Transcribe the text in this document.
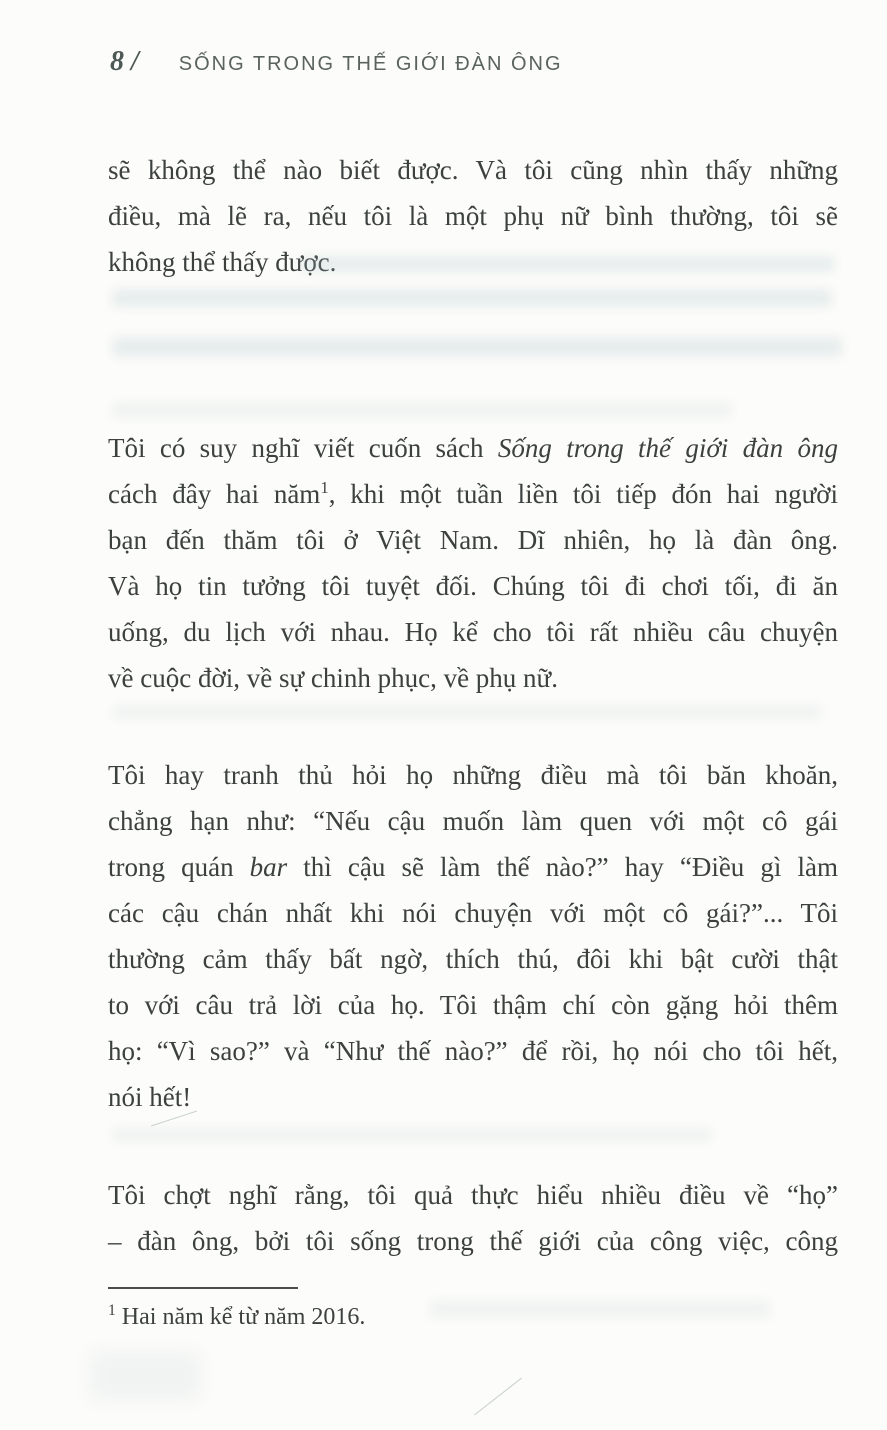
8 / SỐNG TRONG THẾ GIỚI ĐÀN ÔNG
sẽ không thể nào biết được. Và tôi cũng nhìn thấy những
điều, mà lẽ ra, nếu tôi là một phụ nữ bình thường, tôi sẽ
không thể thấy được.
Tôi có suy nghĩ viết cuốn sách Sống trong thế giới đàn ông
cách đây hai năm$^1$, khi một tuần liền tôi tiếp đón hai người
bạn đến thăm tôi ở Việt Nam. Dĩ nhiên, họ là đàn ông.
Và họ tin tưởng tôi tuyệt đối. Chúng tôi đi chơi tối, đi ăn
uống, du lịch với nhau. Họ kể cho tôi rất nhiều câu chuyện
về cuộc đời, về sự chinh phục, về phụ nữ.
Tôi hay tranh thủ hỏi họ những điều mà tôi băn khoăn,
chẳng hạn như: “Nếu cậu muốn làm quen với một cô gái
trong quán bar thì cậu sẽ làm thế nào?” hay “Điều gì làm
các cậu chán nhất khi nói chuyện với một cô gái?”... Tôi
thường cảm thấy bất ngờ, thích thú, đôi khi bật cười thật
to với câu trả lời của họ. Tôi thậm chí còn gặng hỏi thêm
họ: “Vì sao?” và “Như thế nào?” để rồi, họ nói cho tôi hết,
nói hết!
Tôi chợt nghĩ rằng, tôi quả thực hiểu nhiều điều về “họ”
– đàn ông, bởi tôi sống trong thế giới của công việc, công
$^1$ Hai năm kể từ năm 2016.
